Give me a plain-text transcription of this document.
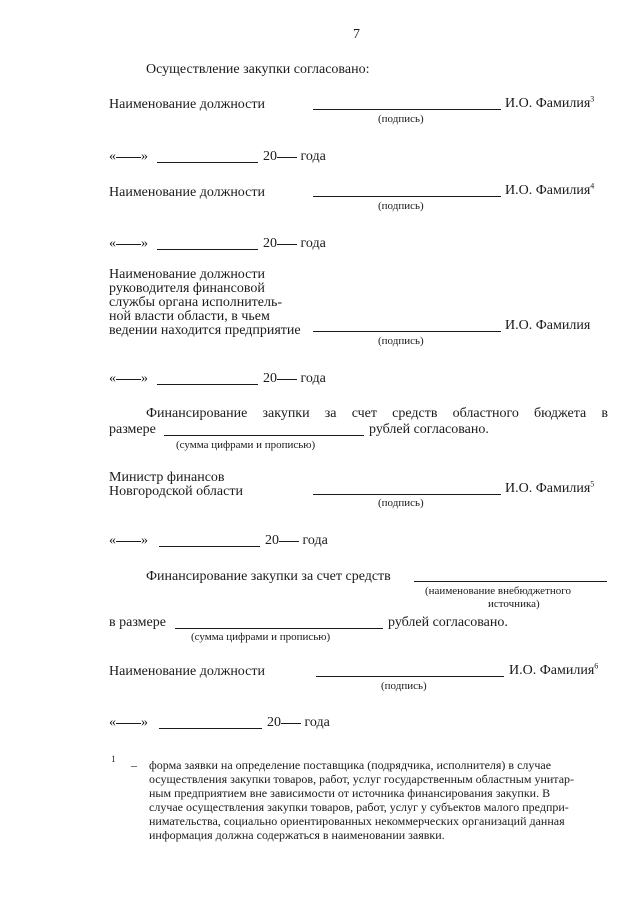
7
Осуществление закупки согласовано:
Наименование должности	И.О. Фамилия$^3$
(подпись)
« »	20 года
Наименование должности	И.О. Фамилия$^4$
(подпись)
« »	20 года
Наименование должности
руководителя финансовой
службы органа исполнитель-
ной власти области, в чьем
ведении находится предприятие	И.О. Фамилия
(подпись)
« »	20 года
Финансирование закупки за счет средств областного бюджета в
размере	рублей согласовано.
(сумма цифрами и прописью)
Министр финансов
Новгородской области	И.О. Фамилия$^5$
(подпись)
« »	20 года
Финансирование закупки за счет средств
(наименование внебюджетного
источника)
в размере	рублей согласовано.
(сумма цифрами и прописью)
Наименование должности	И.О. Фамилия$^6$
(подпись)
« »	20 года
1 – форма заявки на определение поставщика (подрядчика, исполнителя) в случае
осуществления закупки товаров, работ, услуг государственным областным унитар-
ным предприятием вне зависимости от источника финансирования закупки. В
случае осуществления закупки товаров, работ, услуг у субъектов малого предпри-
нимательства, социально ориентированных некоммерческих организаций данная
информация должна содержаться в наименовании заявки.
